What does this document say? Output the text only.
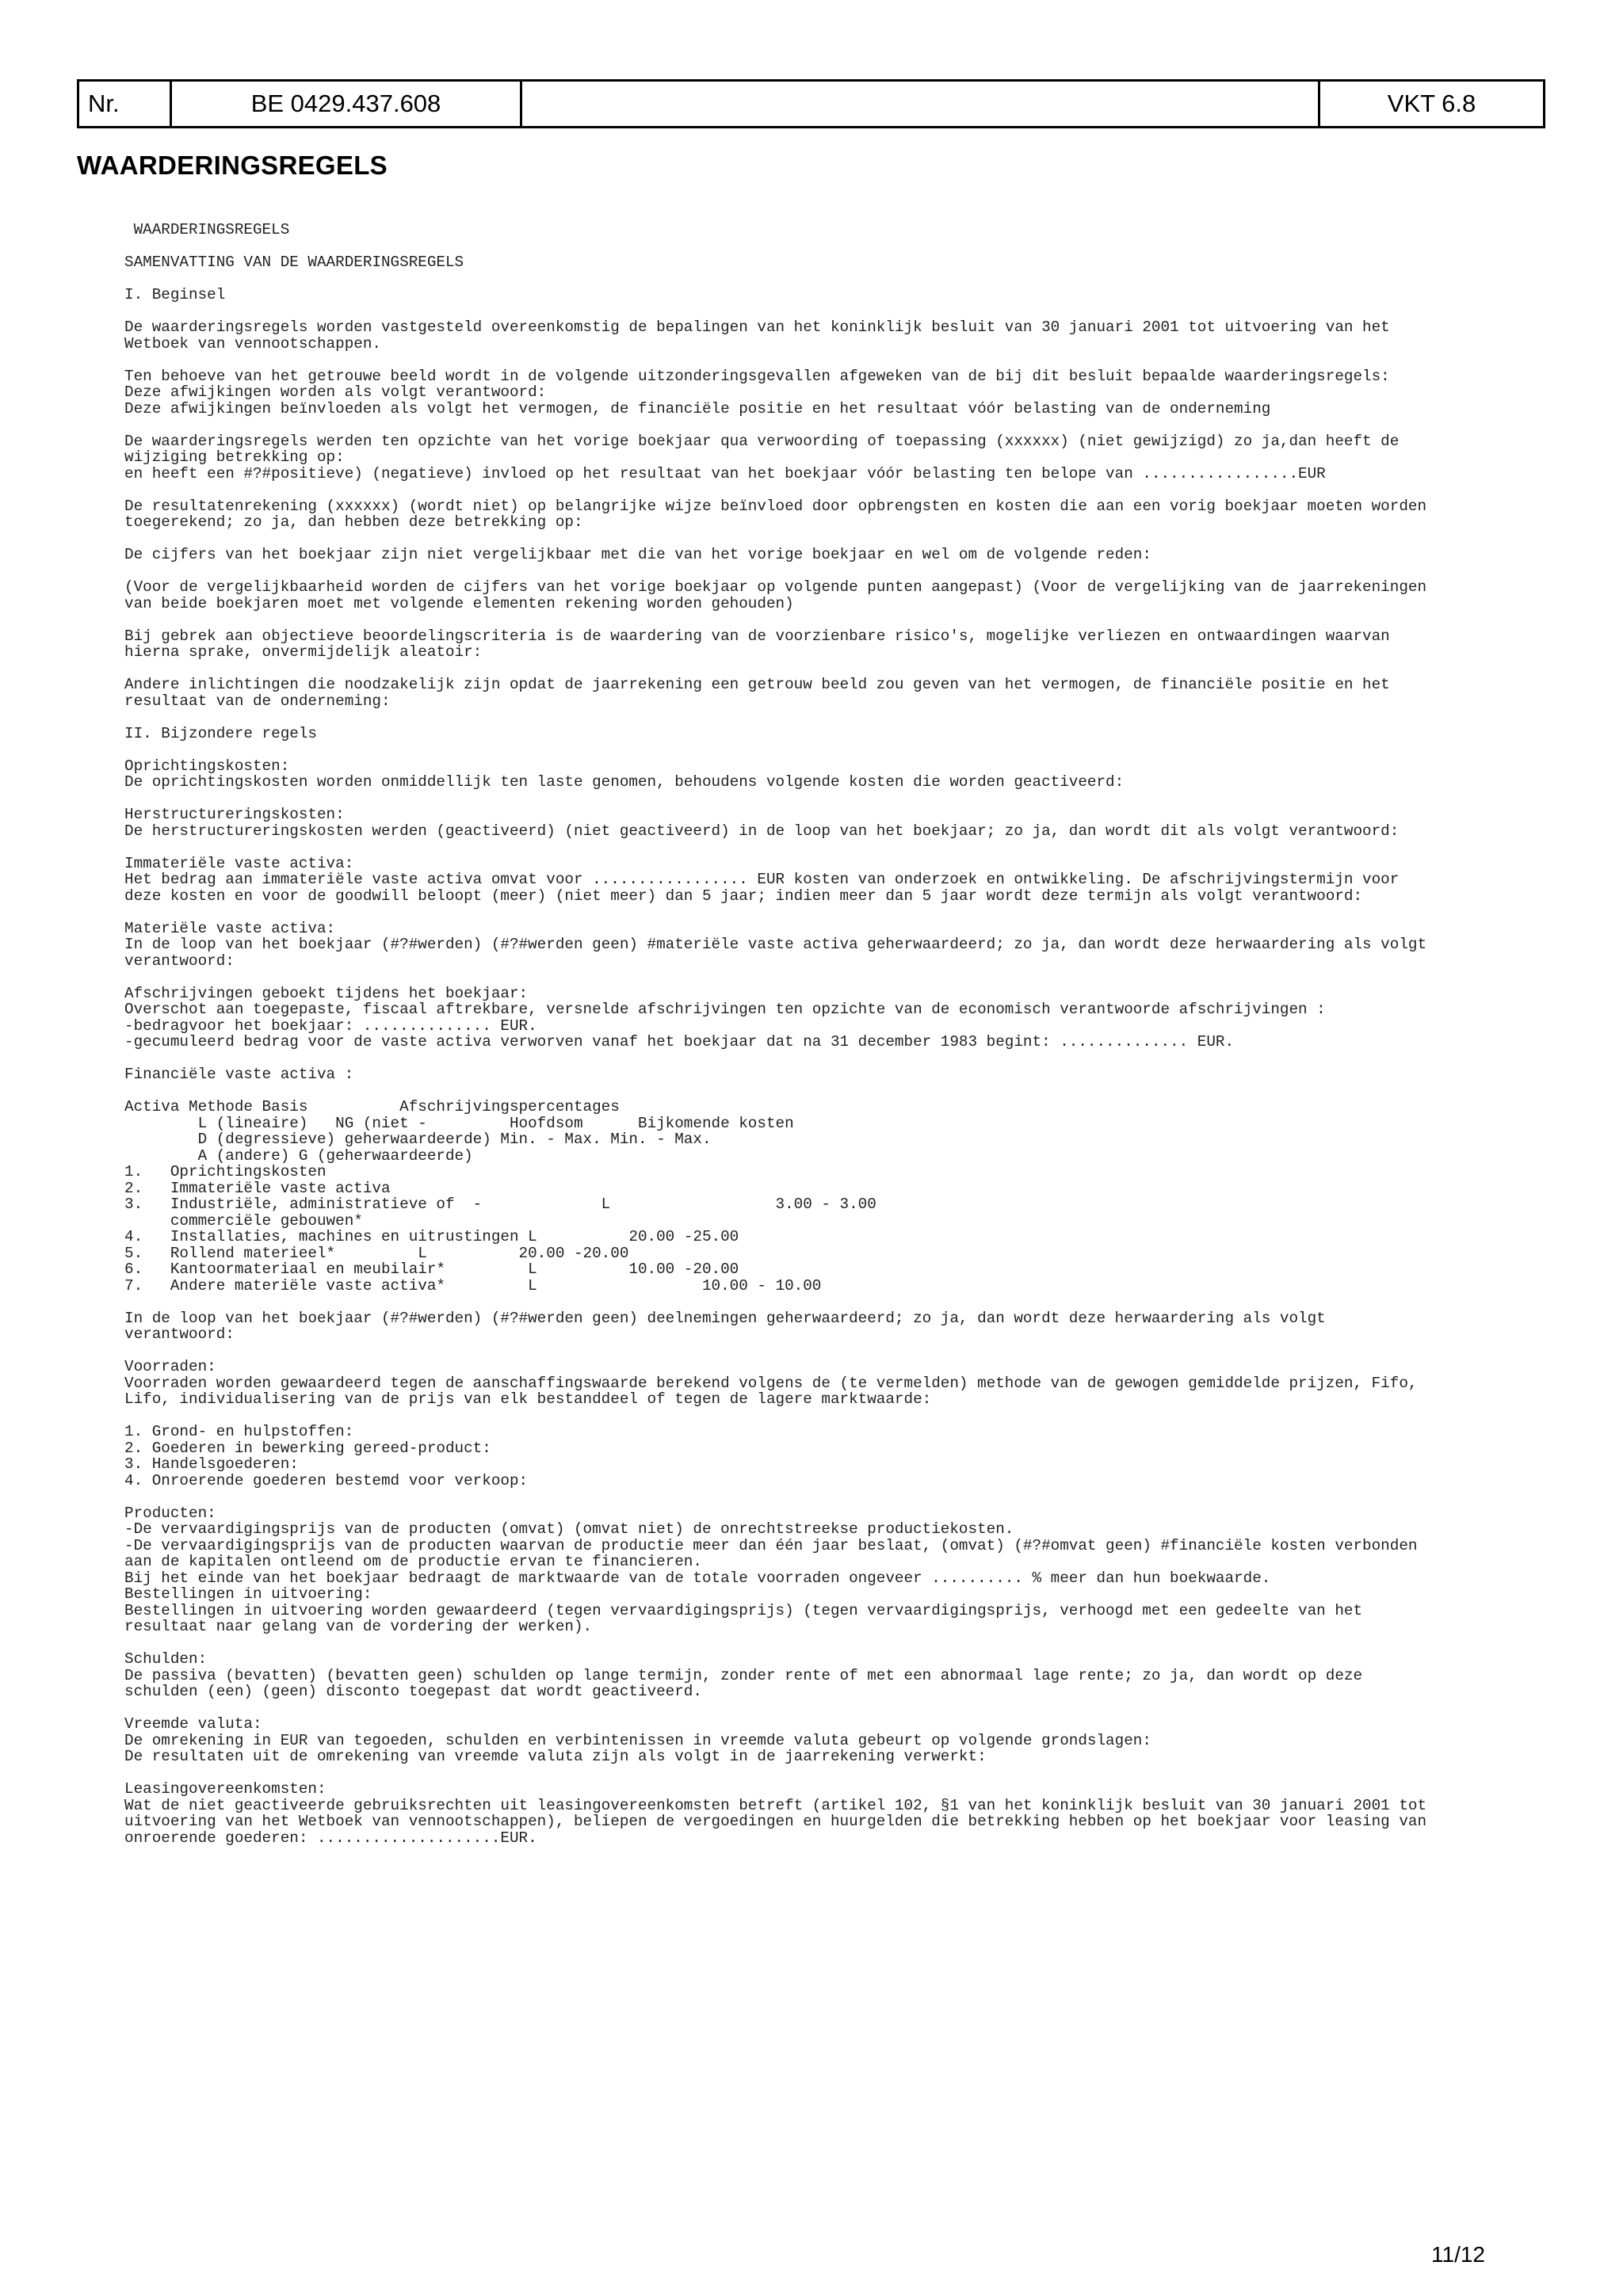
Nr.	BE 0429.437.608	VKT 6.8
WAARDERINGSREGELS
WAARDERINGSREGELS
SAMENVATTING VAN DE WAARDERINGSREGELS
I. Beginsel
De waarderingsregels worden vastgesteld overeenkomstig de bepalingen van het koninklijk besluit van 30 januari 2001 tot uitvoering van het
Wetboek van vennootschappen.
Ten behoeve van het getrouwe beeld wordt in de volgende uitzonderingsgevallen afgeweken van de bij dit besluit bepaalde waarderingsregels:
Deze afwijkingen worden als volgt verantwoord:
Deze afwijkingen beïnvloeden als volgt het vermogen, de financiële positie en het resultaat vóór belasting van de onderneming
De waarderingsregels werden ten opzichte van het vorige boekjaar qua verwoording of toepassing (xxxxxx) (niet gewijzigd) zo ja,dan heeft de
wijziging betrekking op:
en heeft een #?#positieve) (negatieve) invloed op het resultaat van het boekjaar vóór belasting ten belope van .................EUR
De resultatenrekening (xxxxxx) (wordt niet) op belangrijke wijze beïnvloed door opbrengsten en kosten die aan een vorig boekjaar moeten worden
toegerekend; zo ja, dan hebben deze betrekking op:
De cijfers van het boekjaar zijn niet vergelijkbaar met die van het vorige boekjaar en wel om de volgende reden:
(Voor de vergelijkbaarheid worden de cijfers van het vorige boekjaar op volgende punten aangepast) (Voor de vergelijking van de jaarrekeningen
van beide boekjaren moet met volgende elementen rekening worden gehouden)
Bij gebrek aan objectieve beoordelingscriteria is de waardering van de voorzienbare risico's, mogelijke verliezen en ontwaardingen waarvan
hierna sprake, onvermijdelijk aleatoir:
Andere inlichtingen die noodzakelijk zijn opdat de jaarrekening een getrouw beeld zou geven van het vermogen, de financiële positie en het
resultaat van de onderneming:
II. Bijzondere regels
Oprichtingskosten:
De oprichtingskosten worden onmiddellijk ten laste genomen, behoudens volgende kosten die worden geactiveerd:
Herstructureringskosten:
De herstructureringskosten werden (geactiveerd) (niet geactiveerd) in de loop van het boekjaar; zo ja, dan wordt dit als volgt verantwoord:
Immateriële vaste activa:
Het bedrag aan immateriële vaste activa omvat voor ................. EUR kosten van onderzoek en ontwikkeling. De afschrijvingstermijn voor
deze kosten en voor de goodwill beloopt (meer) (niet meer) dan 5 jaar; indien meer dan 5 jaar wordt deze termijn als volgt verantwoord:
Materiële vaste activa:
In de loop van het boekjaar (#?#werden) (#?#werden geen) #materiële vaste activa geherwaardeerd; zo ja, dan wordt deze herwaardering als volgt
verantwoord:
Afschrijvingen geboekt tijdens het boekjaar:
Overschot aan toegepaste, fiscaal aftrekbare, versnelde afschrijvingen ten opzichte van de economisch verantwoorde afschrijvingen :
-bedragvoor het boekjaar: .............. EUR.
-gecumuleerd bedrag voor de vaste activa verworven vanaf het boekjaar dat na 31 december 1983 begint: .............. EUR.
Financiële vaste activa :
Activa Methode Basis          Afschrijvingspercentages
L (lineaire)   NG (niet -         Hoofdsom      Bijkomende kosten
D (degressieve) geherwaardeerde) Min. - Max. Min. - Max.
A (andere) G (geherwaardeerde)
1.   Oprichtingskosten
2.   Immateriële vaste activa
3.   Industriële, administratieve of  -             L                  3.00 - 3.00
commerciële gebouwen*
4.   Installaties, machines en uitrustingen L          20.00 -25.00
5.   Rollend materieel*         L          20.00 -20.00
6.   Kantoormateriaal en meubilair*         L          10.00 -20.00
7.   Andere materiële vaste activa*         L                  10.00 - 10.00
In de loop van het boekjaar (#?#werden) (#?#werden geen) deelnemingen geherwaardeerd; zo ja, dan wordt deze herwaardering als volgt
verantwoord:
Voorraden:
Voorraden worden gewaardeerd tegen de aanschaffingswaarde berekend volgens de (te vermelden) methode van de gewogen gemiddelde prijzen, Fifo,
Lifo, individualisering van de prijs van elk bestanddeel of tegen de lagere marktwaarde:
1. Grond- en hulpstoffen:
2. Goederen in bewerking gereed-product:
3. Handelsgoederen:
4. Onroerende goederen bestemd voor verkoop:
Producten:
-De vervaardigingsprijs van de producten (omvat) (omvat niet) de onrechtstreekse productiekosten.
-De vervaardigingsprijs van de producten waarvan de productie meer dan één jaar beslaat, (omvat) (#?#omvat geen) #financiële kosten verbonden
aan de kapitalen ontleend om de productie ervan te financieren.
Bij het einde van het boekjaar bedraagt de marktwaarde van de totale voorraden ongeveer .......... % meer dan hun boekwaarde.
Bestellingen in uitvoering:
Bestellingen in uitvoering worden gewaardeerd (tegen vervaardigingsprijs) (tegen vervaardigingsprijs, verhoogd met een gedeelte van het
resultaat naar gelang van de vordering der werken).
Schulden:
De passiva (bevatten) (bevatten geen) schulden op lange termijn, zonder rente of met een abnormaal lage rente; zo ja, dan wordt op deze
schulden (een) (geen) disconto toegepast dat wordt geactiveerd.
Vreemde valuta:
De omrekening in EUR van tegoeden, schulden en verbintenissen in vreemde valuta gebeurt op volgende grondslagen:
De resultaten uit de omrekening van vreemde valuta zijn als volgt in de jaarrekening verwerkt:
Leasingovereenkomsten:
Wat de niet geactiveerde gebruiksrechten uit leasingovereenkomsten betreft (artikel 102, §1 van het koninklijk besluit van 30 januari 2001 tot
uitvoering van het Wetboek van vennootschappen), beliepen de vergoedingen en huurgelden die betrekking hebben op het boekjaar voor leasing van
onroerende goederen: ....................EUR.
11/12
